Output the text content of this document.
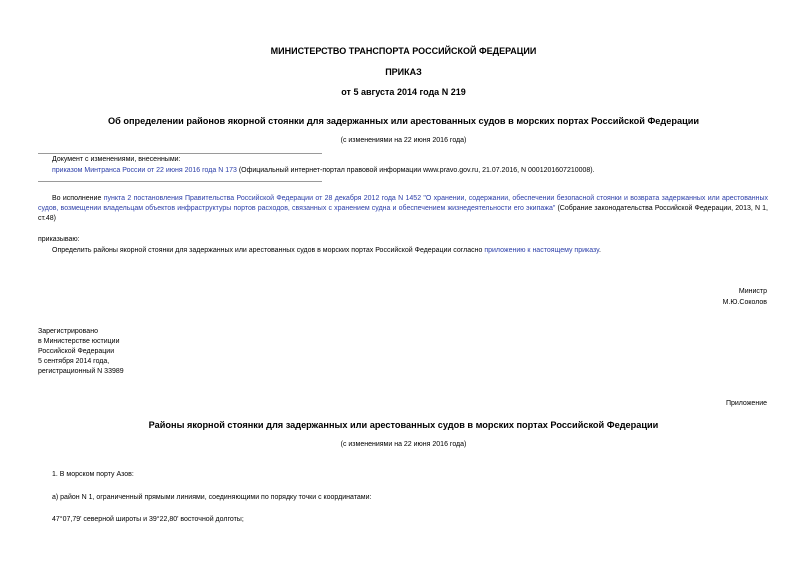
МИНИСТЕРСТВО ТРАНСПОРТА РОССИЙСКОЙ ФЕДЕРАЦИИ
ПРИКАЗ
от 5 августа 2014 года N 219
Об определении районов якорной стоянки для задержанных или арестованных судов в морских портах Российской Федерации
(с изменениями на 22 июня 2016 года)
Документ с изменениями, внесенными:
приказом Минтранса России от 22 июня 2016 года N 173 (Официальный интернет-портал правовой информации www.pravo.gov.ru, 21.07.2016, N 0001201607210008).
Во исполнение пункта 2 постановления Правительства Российской Федерации от 28 декабря 2012 года N 1452 "О хранении, содержании, обеспечении безопасной стоянки и возврата задержанных или арестованных судов, возмещении владельцам объектов инфраструктуры портов расходов, связанных с хранением судна и обеспечением жизнедеятельности его экипажа" (Собрание законодательства Российской Федерации, 2013, N 1, ст.48)
приказываю:
Определить районы якорной стоянки для задержанных или арестованных судов в морских портах Российской Федерации согласно приложению к настоящему приказу.
Министр
М.Ю.Соколов
Зарегистрировано
в Министерстве юстиции
Российской Федерации
5 сентября 2014 года,
регистрационный N 33989
Приложение
Районы якорной стоянки для задержанных или арестованных судов в морских портах Российской Федерации
(с изменениями на 22 июня 2016 года)
1. В морском порту Азов:
а) район N 1, ограниченный прямыми линиями, соединяющими по порядку точки с координатами:
47°07,79' северной широты и 39°22,80' восточной долготы;
